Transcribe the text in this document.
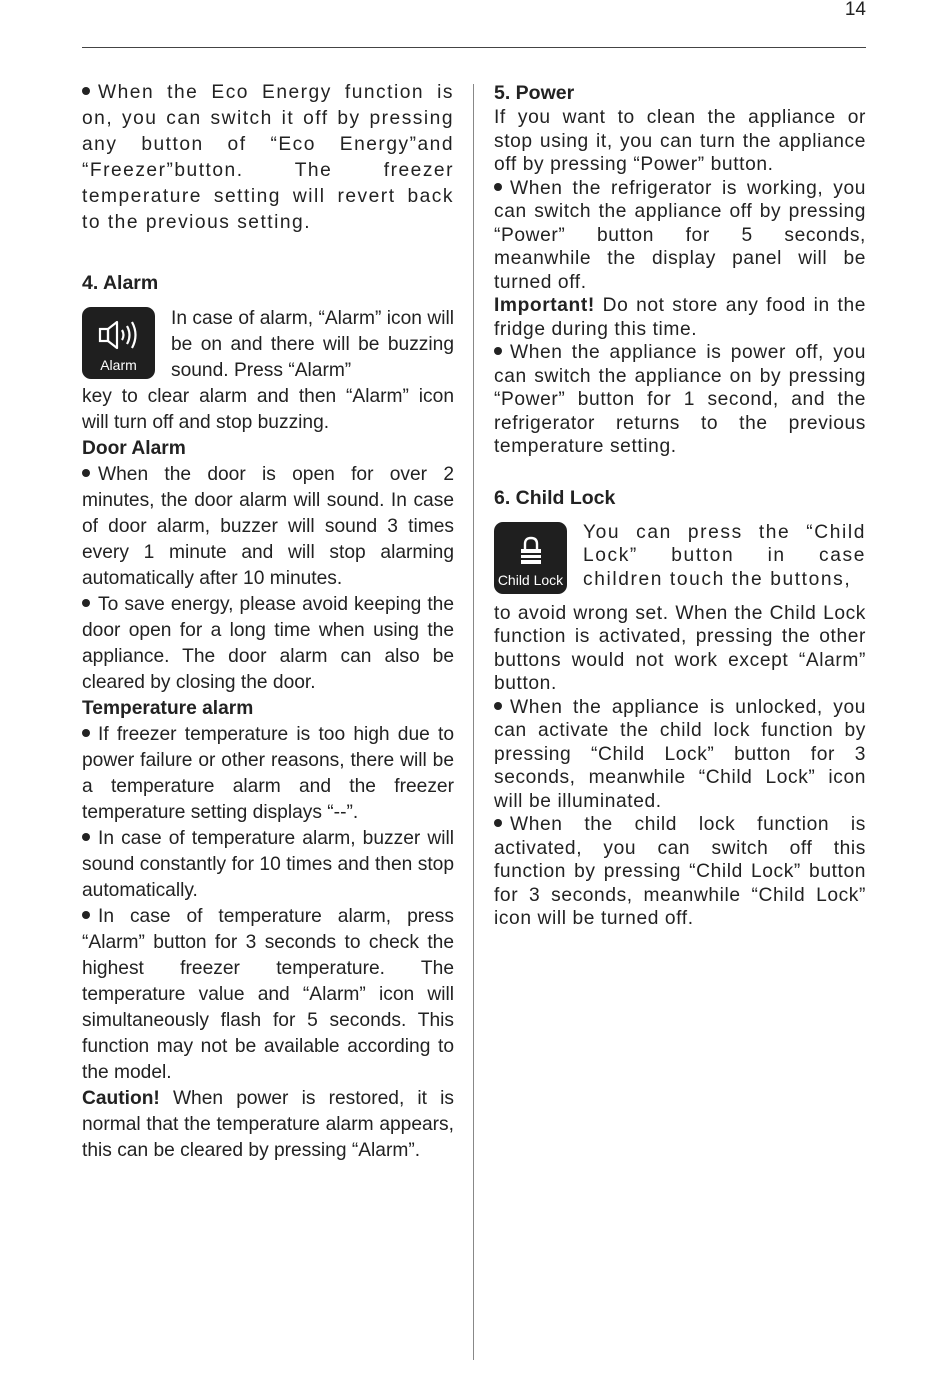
14

When the Eco Energy function is on, you can switch it off by pressing any button of “Eco Energy”and “Freezer”button. The freezer temperature setting will revert back to the previous setting.

4. Alarm
Alarm

In case of alarm, “Alarm” icon will be on and there will be buzzing sound. Press “Alarm”

key to clear alarm and then “Alarm” icon will turn off and stop buzzing.

Door Alarm

When the door is open for over 2 minutes, the door alarm will sound. In case of door alarm, buzzer will sound 3 times every 1 minute and will stop alarming automatically after 10 minutes.

To save energy, please avoid keeping the door open for a long time when using the appliance. The door alarm can also be cleared by closing the door.

Temperature alarm

If freezer temperature is too high due to power failure or other reasons, there will be a temperature alarm and the freezer temperature setting displays “--”.

In case of temperature alarm, buzzer will sound constantly for 10 times and then stop automatically.

In case of temperature alarm, press “Alarm” button for 3 seconds to check the highest freezer temperature. The temperature value and “Alarm” icon will simultaneously flash for 5 seconds. This function may not be available according to the model.

Caution! When power is restored, it is normal that the temperature alarm appears, this can be cleared by pressing “Alarm”.

5. Power

If you want to clean the appliance or stop using it, you can turn the appliance off by pressing “Power” button.

When the refrigerator is working, you can switch the appliance off by pressing “Power” button for 5 seconds, meanwhile the display panel will be turned off.

Important! Do not store any food in the fridge during this time.

When the appliance is power off, you can switch the appliance on by pressing “Power” button for 1 second, and the refrigerator returns to the previous temperature setting.

6. Child Lock
Child Lock

You can press the “Child Lock” button in case children touch the buttons,

to avoid wrong set. When the Child Lock function is activated, pressing the other buttons would not work except “Alarm” button.

When the appliance is unlocked, you can activate the child lock function by pressing “Child Lock” button for 3 seconds, meanwhile “Child Lock” icon will be illuminated.

When the child lock function is activated, you can switch off this function by pressing “Child Lock” button for 3 seconds, meanwhile “Child Lock” icon will be turned off.
